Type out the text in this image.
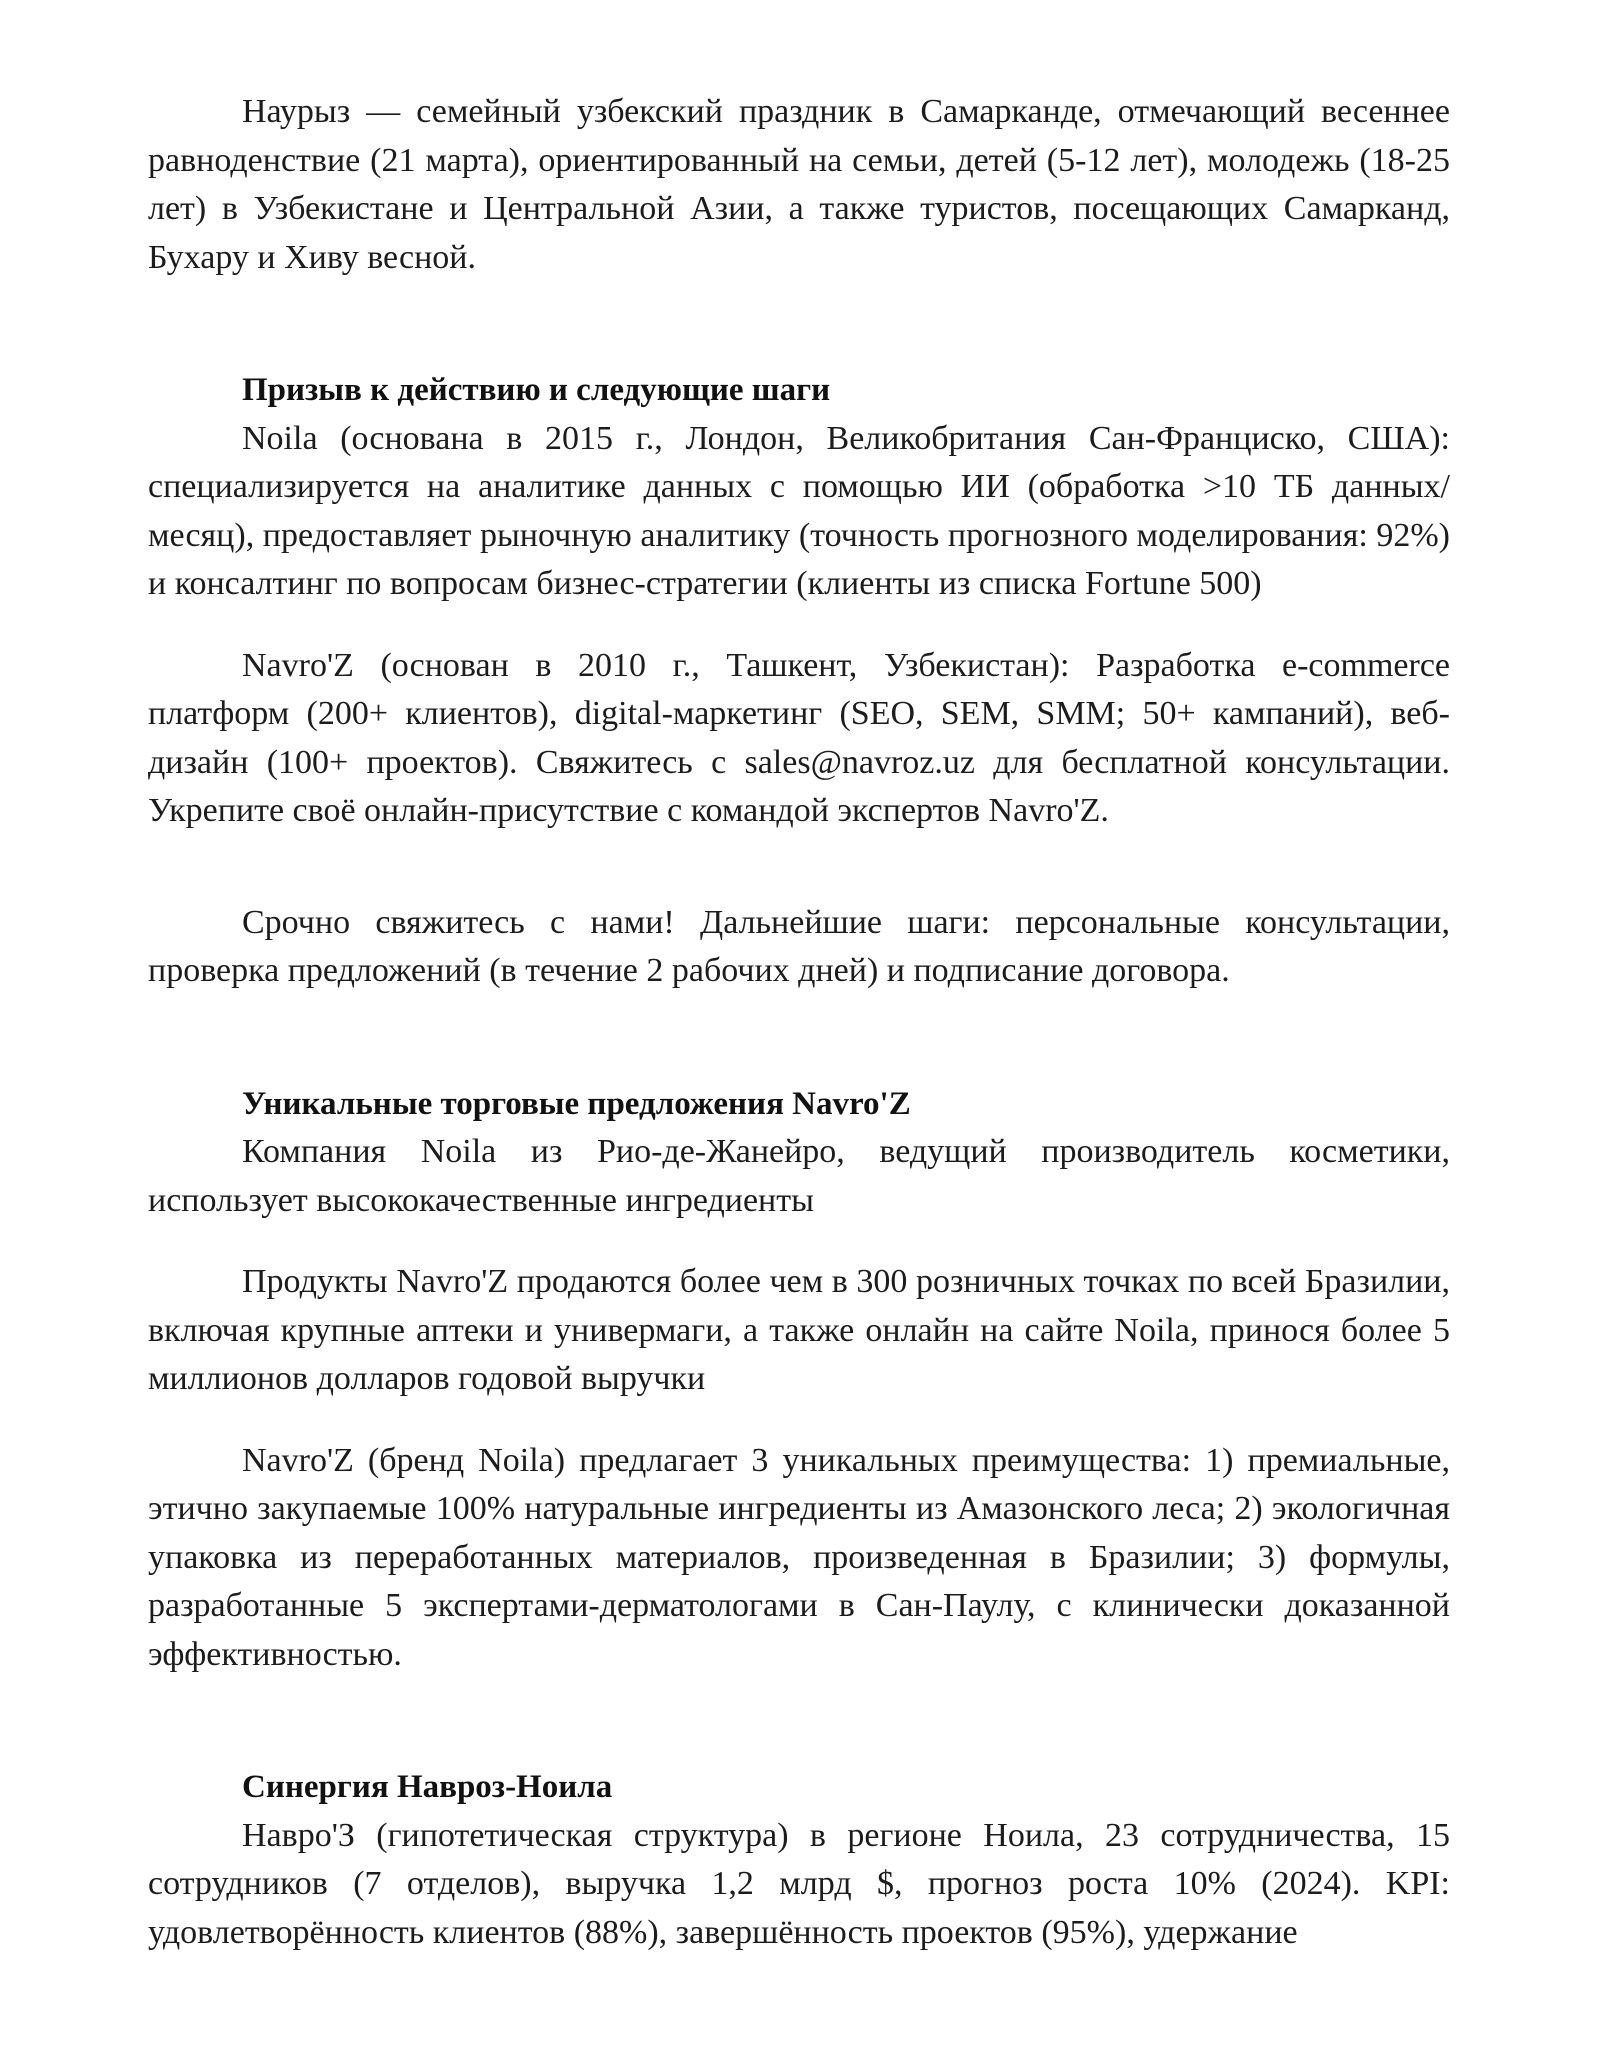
Наурыз — семейный узбекский праздник в Самарканде, отмечающий весеннее равноденствие (21 марта), ориентированный на семьи, детей (5-12 лет), молодежь (18-25 лет) в Узбекистане и Центральной Азии, а также туристов, посещающих Самарканд, Бухару и Хиву весной.

Призыв к действию и следующие шаги

Noila (основана в 2015 г., Лондон, Великобритания Сан-Франциско, США): специализируется на аналитике данных с помощью ИИ (обработка >10 ТБ данных/месяц), предоставляет рыночную аналитику (точность прогнозного моделирования: 92%) и консалтинг по вопросам бизнес-стратегии (клиенты из списка Fortune 500)

Navro'Z (основан в 2010 г., Ташкент, Узбекистан): Разработка e-commerce платформ (200+ клиентов), digital-маркетинг (SEO, SEM, SMM; 50+ кампаний), веб-дизайн (100+ проектов). Свяжитесь с sales@navroz.uz для бесплатной консультации. Укрепите своё онлайн-присутствие с командой экспертов Navro'Z.

Срочно свяжитесь с нами! Дальнейшие шаги: персональные консультации, проверка предложений (в течение 2 рабочих дней) и подписание договора.

Уникальные торговые предложения Navro'Z

Компания Noila из Рио-де-Жанейро, ведущий производитель косметики, использует высококачественные ингредиенты

Продукты Navro'Z продаются более чем в 300 розничных точках по всей Бразилии, включая крупные аптеки и универмаги, а также онлайн на сайте Noila, принося более 5 миллионов долларов годовой выручки

Navro'Z (бренд Noila) предлагает 3 уникальных преимущества: 1) премиальные, этично закупаемые 100% натуральные ингредиенты из Амазонского леса; 2) экологичная упаковка из переработанных материалов, произведенная в Бразилии; 3) формулы, разработанные 5 экспертами-дерматологами в Сан-Паулу, с клинически доказанной эффективностью.

Синергия Навроз-Ноила

Навро'З (гипотетическая структура) в регионе Ноила, 23 сотрудничества, 15 сотрудников (7 отделов), выручка 1,2 млрд $, прогноз роста 10% (2024). KPI: удовлетворённость клиентов (88%), завершённость проектов (95%), удержание
